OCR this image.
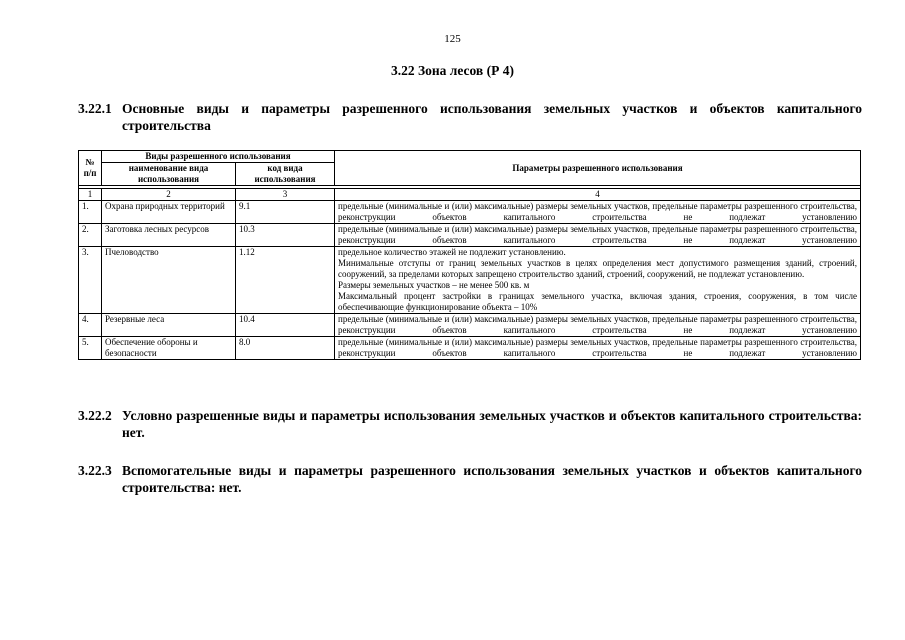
125
3.22 Зона лесов (Р 4)
3.22.1 Основные виды и параметры разрешенного использования земельных участков и объектов капитального строительства
№ п/п	Виды разрешенного использования		Параметры разрешенного использования
	наименование вида использования	код вида использования	

1	2	3	4
1.	Охрана природных территорий	9.1	предельные (минимальные и (или) максимальные) размеры земельных участков, предельные параметры разрешенного строительства, реконструкции объектов капитального строительства не подлежат установлению
2.	Заготовка лесных ресурсов	10.3	предельные (минимальные и (или) максимальные) размеры земельных участков, предельные параметры разрешенного строительства, реконструкции объектов капитального строительства не подлежат установлению
3.	Пчеловодство	1.12	предельное количество этажей не подлежит установлению.
Минимальные отступы от границ земельных участков в целях определения мест допустимого размещения зданий, строений, сооружений, за пределами которых запрещено строительство зданий, строений, сооружений, не подлежат установлению.
Размеры земельных участков – не менее 500 кв. м
Максимальный процент застройки в границах земельного участка, включая здания, строения, сооружения, в том числе обеспечивающие функционирование объекта – 10%

4.	Резервные леса	10.4	предельные (минимальные и (или) максимальные) размеры земельных участков, предельные параметры разрешенного строительства, реконструкции объектов капитального строительства не подлежат установлению
5.	Обеспечение обороны и безопасности	8.0	предельные (минимальные и (или) максимальные) размеры земельных участков, предельные параметры разрешенного строительства, реконструкции объектов капитального строительства не подлежат установлению
3.22.2 Условно разрешенные виды и параметры использования земельных участков и объектов капитального строительства: нет.
3.22.3 Вспомогательные виды и параметры разрешенного использования земельных участков и объектов капитального строительства: нет.
